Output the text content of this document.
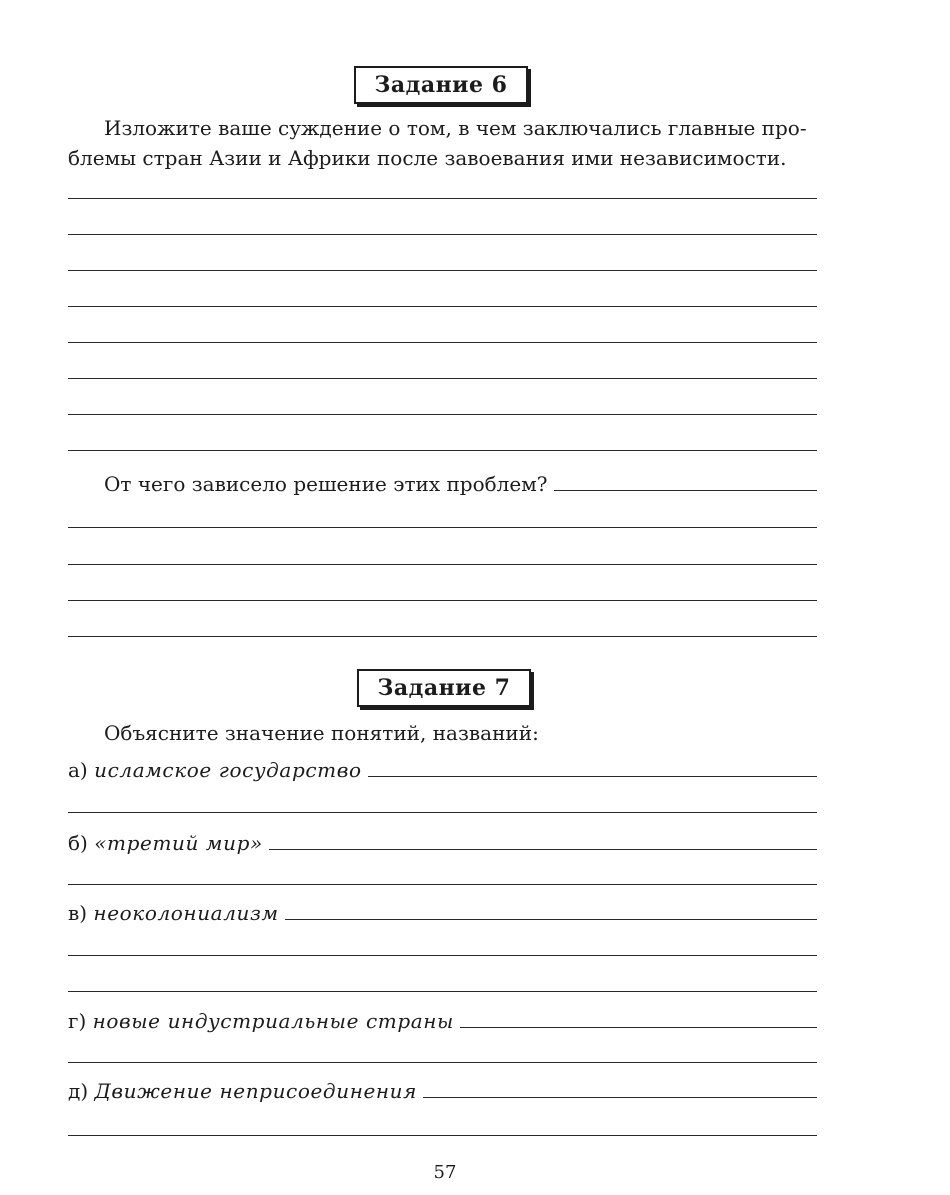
Задание 6
Изложите ваше суждение о том, в чем заключались главные про-
блемы стран Азии и Африки после завоевания ими независимости.
От чего зависело решение этих проблем?
Задание 7
Объясните значение понятий, названий:
а) исламское государство
б) «третий мир»
в) неоколониализм
г) новые индустриальные страны
д) Движение неприсоединения
57
